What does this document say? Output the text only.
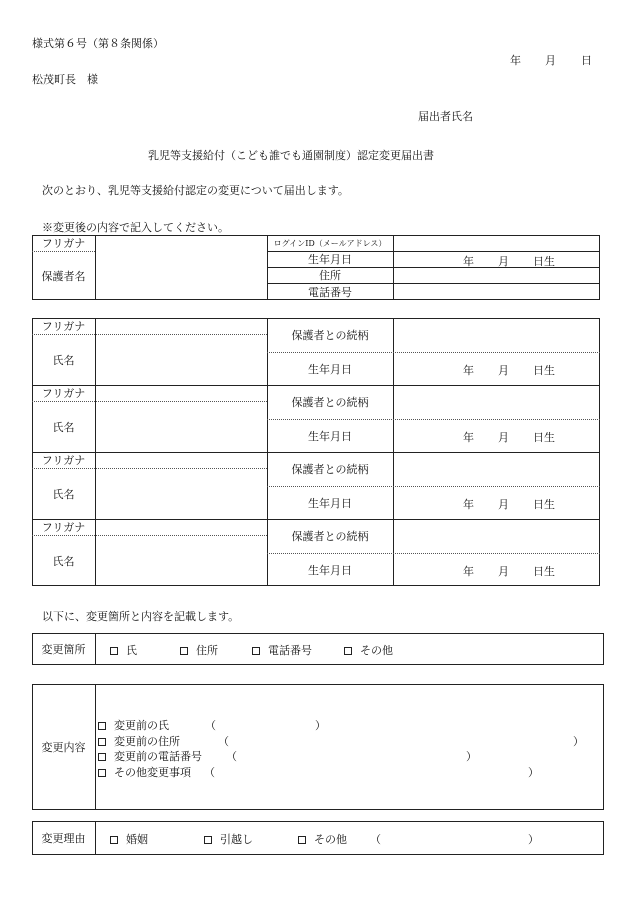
様式第６号（第８条関係）
年 月 日
松茂町長　様
届出者氏名
乳児等支援給付（こども誰でも通園制度）認定変更届出書
次のとおり、乳児等支援給付認定の変更について届出します。
※変更後の内容で記入してください。
フリガナ
保護者名
ログインID（メールアドレス）
生年月日	年 月 日生
住所
電話番号
フリガナ
氏名
保護者との続柄
生年月日	年 月 日生
フリガナ
氏名
保護者との続柄
生年月日	年 月 日生
フリガナ
氏名
保護者との続柄
生年月日	年 月 日生
フリガナ
氏名
保護者との続柄
生年月日	年 月 日生
以下に、変更箇所と内容を記載します。
変更箇所	氏	住所	電話番号	その他
変更内容
変更前の氏	（	）
変更前の住所	（	）
変更前の電話番号 （	）
その他変更事項 （	）
変更理由	婚姻	引越し	その他 （	）
